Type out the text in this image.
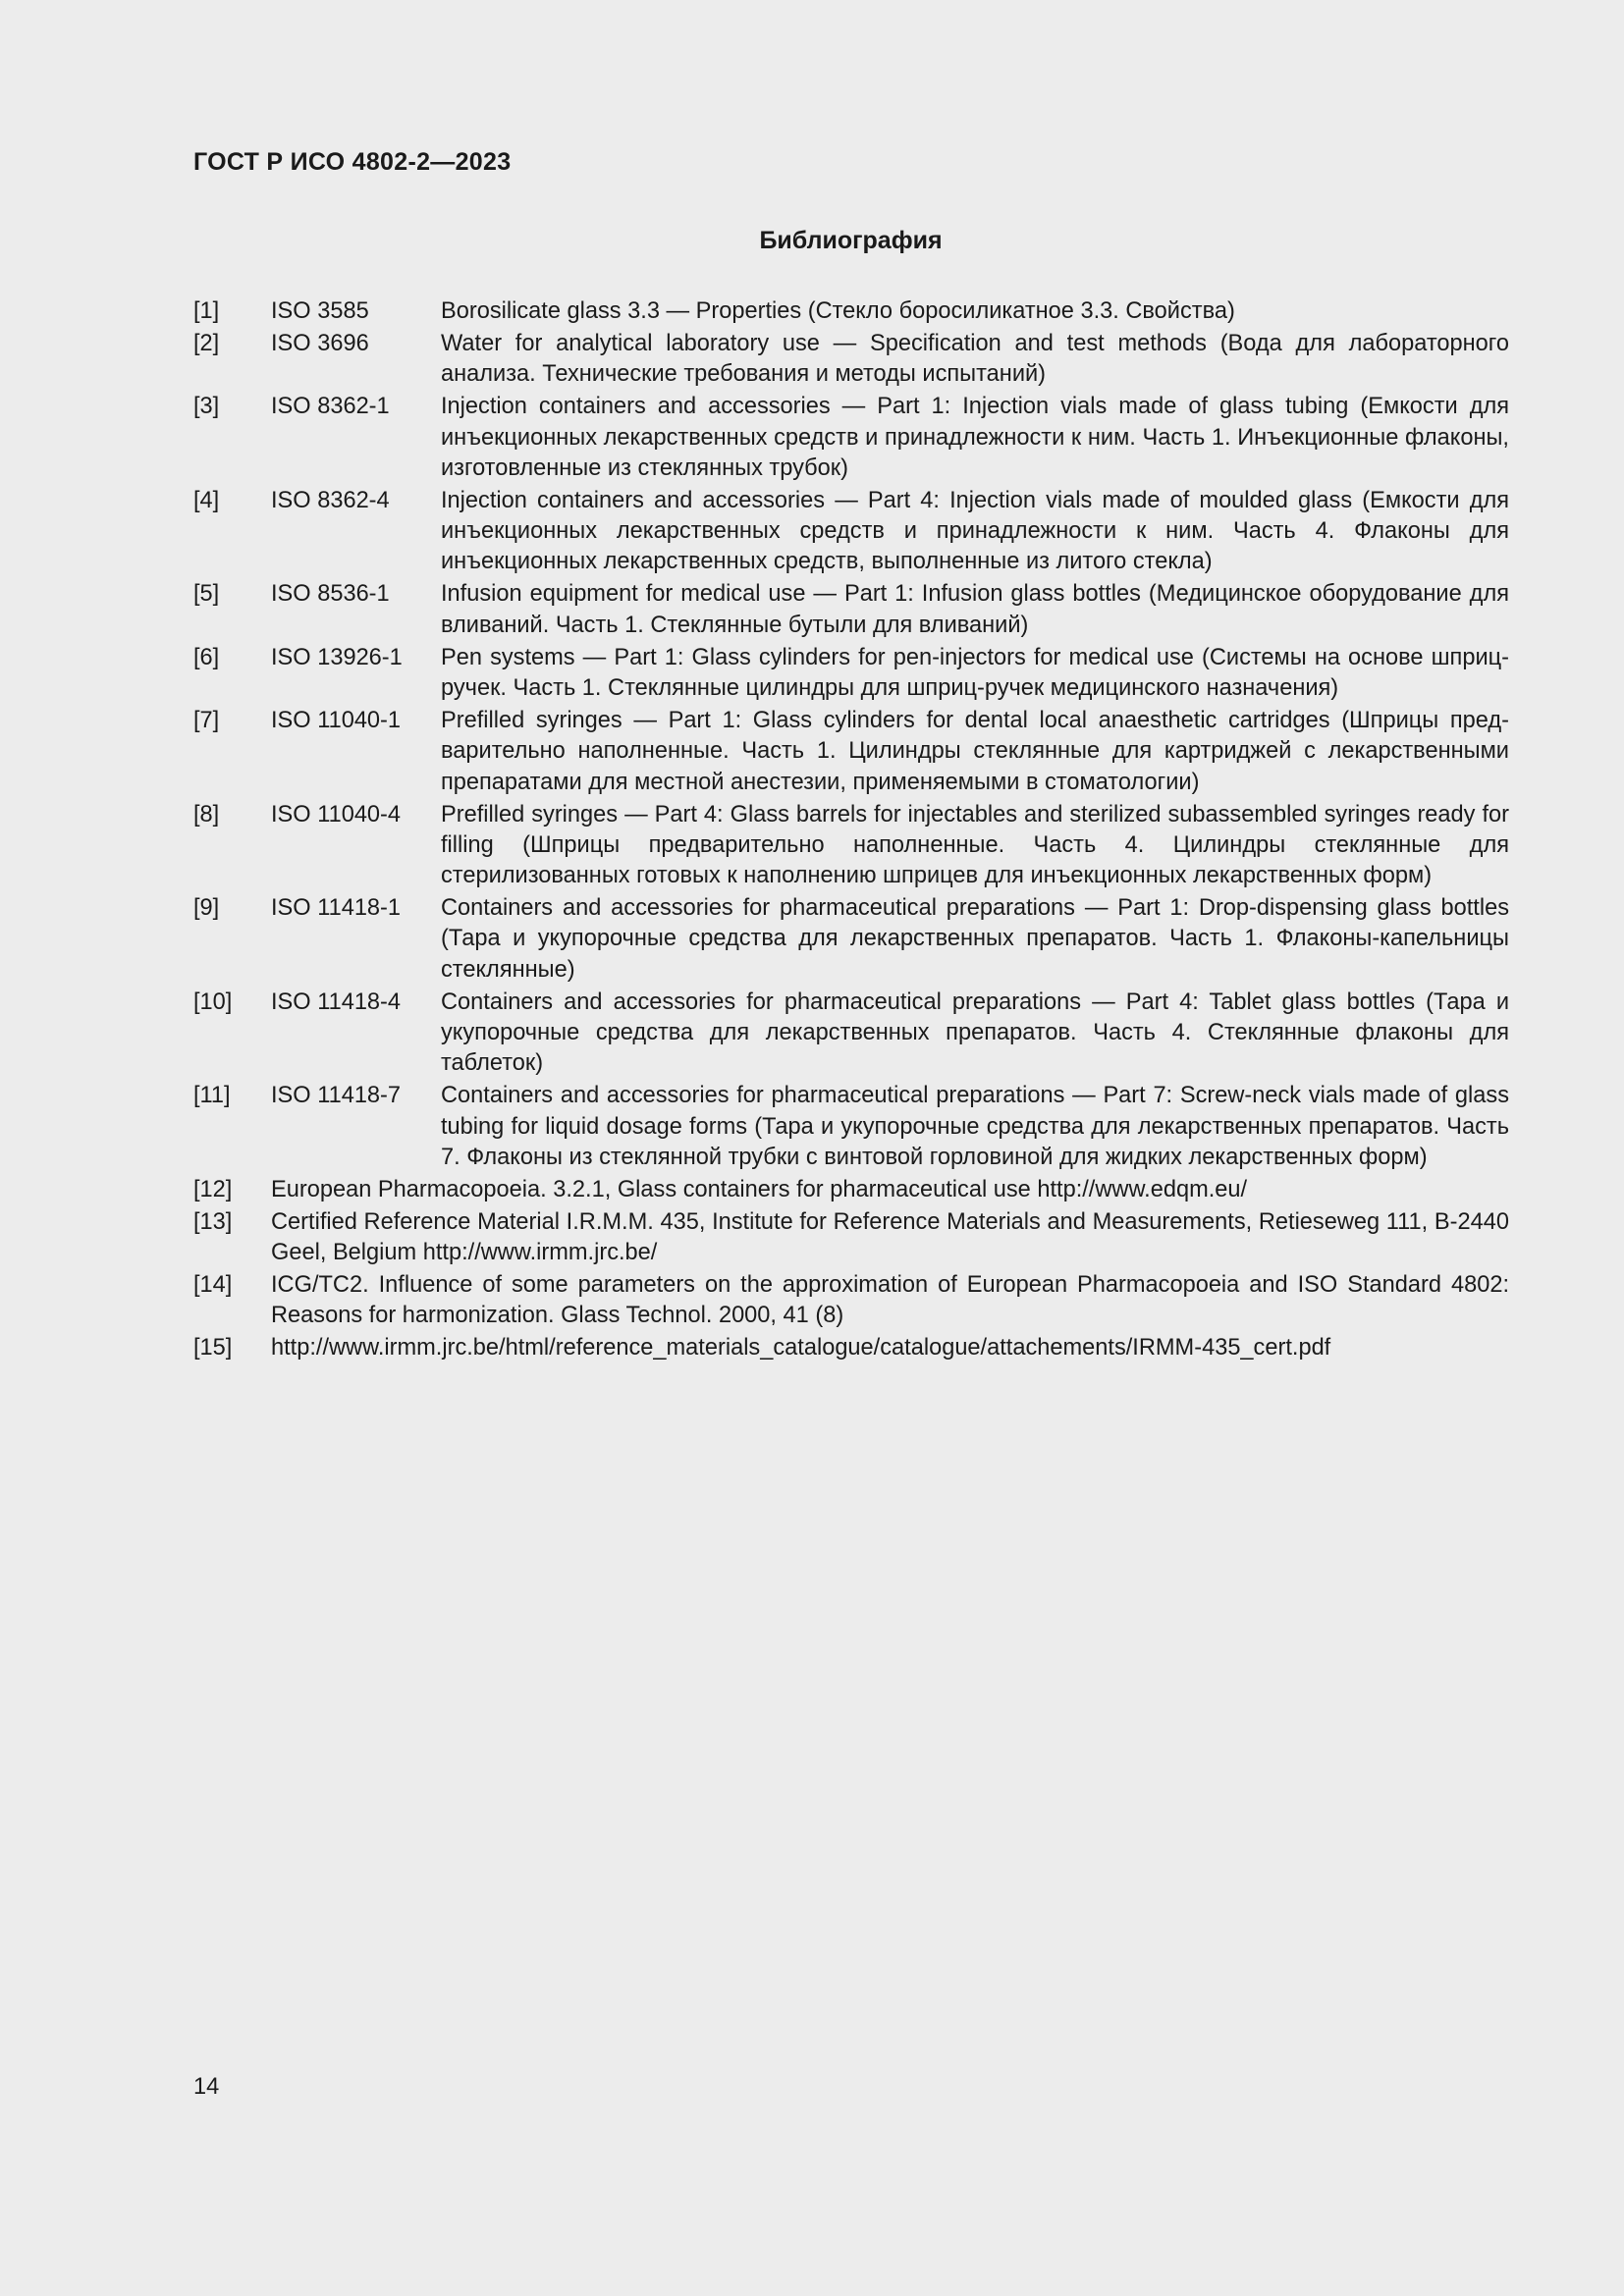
ГОСТ Р ИСО 4802-2—2023
Библиография
[1]	ISO 3585	Borosilicate glass 3.3 — Properties (Стекло боросиликатное 3.3. Свойства)
[2]	ISO 3696	Water for analytical laboratory use — Specification and test methods (Вода для лабораторного анализа. Технические требования и методы испытаний)
[3]	ISO 8362-1	Injection containers and accessories — Part 1: Injection vials made of glass tubing (Емкости для инъекционных лекарственных средств и принадлежности к ним. Часть 1. Инъекционные флаконы, изготовленные из стеклянных трубок)
[4]	ISO 8362-4	Injection containers and accessories — Part 4: Injection vials made of moulded glass (Емкости для инъекционных лекарственных средств и принадлежности к ним. Часть 4. Флаконы для инъекционных лекарственных средств, выполненные из литого стекла)
[5]	ISO 8536-1	Infusion equipment for medical use — Part 1: Infusion glass bottles (Медицинское оборудование для вливаний. Часть 1. Стеклянные бутыли для вливаний)
[6]	ISO 13926-1	Pen systems — Part 1: Glass cylinders for pen-injectors for medical use (Системы на основе шприц-ручек. Часть 1. Стеклянные цилиндры для шприц-ручек медицинского назначения)
[7]	ISO 11040-1	Prefilled syringes — Part 1: Glass cylinders for dental local anaesthetic cartridges (Шприцы предварительно наполненные. Часть 1. Цилиндры стеклянные для картриджей с лекарственными препаратами для местной анестезии, применяемыми в стоматологии)
[8]	ISO 11040-4	Prefilled syringes — Part 4: Glass barrels for injectables and sterilized subassembled syringes ready for filling (Шприцы предварительно наполненные. Часть 4. Цилиндры стеклянные для стерилизованных готовых к наполнению шприцев для инъекционных лекарственных форм)
[9]	ISO 11418-1	Containers and accessories for pharmaceutical preparations — Part 1: Drop-dispensing glass bottles (Тара и укупорочные средства для лекарственных препаратов. Часть 1. Флаконы-капельницы стеклянные)
[10]	ISO 11418-4	Containers and accessories for pharmaceutical preparations — Part 4: Tablet glass bottles (Тара и укупорочные средства для лекарственных препаратов. Часть 4. Стеклянные флаконы для таблеток)
[11]	ISO 11418-7	Containers and accessories for pharmaceutical preparations — Part 7: Screw-neck vials made of glass tubing for liquid dosage forms (Тара и укупорочные средства для лекарственных препаратов. Часть 7. Флаконы из стеклянной трубки с винтовой горловиной для жидких лекарственных форм)
[12]	European Pharmacopoeia. 3.2.1, Glass containers for pharmaceutical use http://www.edqm.eu/
[13]	Certified Reference Material I.R.M.M. 435, Institute for Reference Materials and Measurements, Retieseweg 111, B-2440 Geel, Belgium http://www.irmm.jrc.be/
[14]	ICG/TC2. Influence of some parameters on the approximation of European Pharmacopoeia and ISO Standard 4802: Reasons for harmonization. Glass Technol. 2000, 41 (8)
[15]	http://www.irmm.jrc.be/html/reference_materials_catalogue/catalogue/attachements/IRMM-435_cert.pdf
14
